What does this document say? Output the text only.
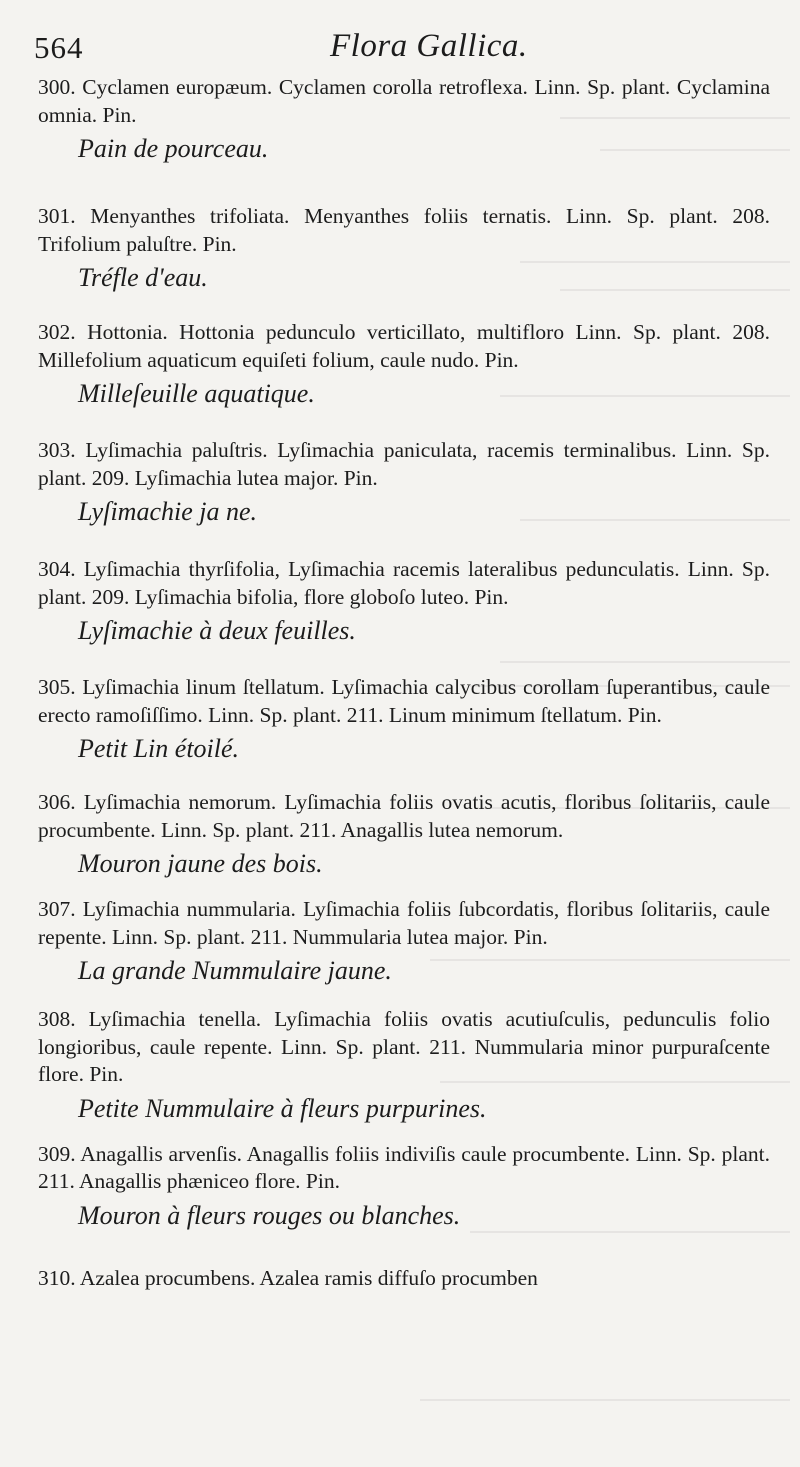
564	Flora Gallica.

300. Cyclamen europæum. Cyclamen corolla retroflexa. Linn. Sp. plant. Cyclamina omnia. Pin.

Pain de pourceau.

301. Menyanthes trifoliata. Menyanthes foliis ternatis. Linn. Sp. plant. 208. Trifolium paluſtre. Pin.

Tréfle d'eau.

302. Hottonia. Hottonia pedunculo verticillato, multifloro Linn. Sp. plant. 208. Millefolium aquaticum equiſeti folium, caule nudo. Pin.

Milleſeuille aquatique.

303. Lyſimachia paluſtris. Lyſimachia paniculata, racemis terminalibus. Linn. Sp. plant. 209. Lyſimachia lutea major. Pin.

Lyſimachie ja ne.

304. Lyſimachia thyrſifolia, Lyſimachia racemis lateralibus pedunculatis. Linn. Sp. plant. 209. Lyſimachia bifolia, flore globoſo luteo. Pin.

Lyſimachie à deux feuilles.

305. Lyſimachia linum ſtellatum. Lyſimachia calycibus corollam ſuperantibus, caule erecto ramoſiſſimo. Linn. Sp. plant. 211. Linum minimum ſtellatum. Pin.

Petit Lin étoilé.

306. Lyſimachia nemorum. Lyſimachia foliis ovatis acutis, floribus ſolitariis, caule procumbente. Linn. Sp. plant. 211. Anagallis lutea nemorum.

Mouron jaune des bois.

307. Lyſimachia nummularia. Lyſimachia foliis ſubcordatis, floribus ſolitariis, caule repente. Linn. Sp. plant. 211. Nummularia lutea major. Pin.

La grande Nummulaire jaune.

308. Lyſimachia tenella. Lyſimachia foliis ovatis acutiuſculis, pedunculis folio longioribus, caule repente. Linn. Sp. plant. 211. Nummularia minor purpuraſcente flore. Pin.

Petite Nummulaire à fleurs purpurines.

309. Anagallis arvenſis. Anagallis foliis indiviſis caule procumbente. Linn. Sp. plant. 211. Anagallis phæniceo flore. Pin.

Mouron à fleurs rouges ou blanches.

310. Azalea procumbens. Azalea ramis diffuſo procumben
